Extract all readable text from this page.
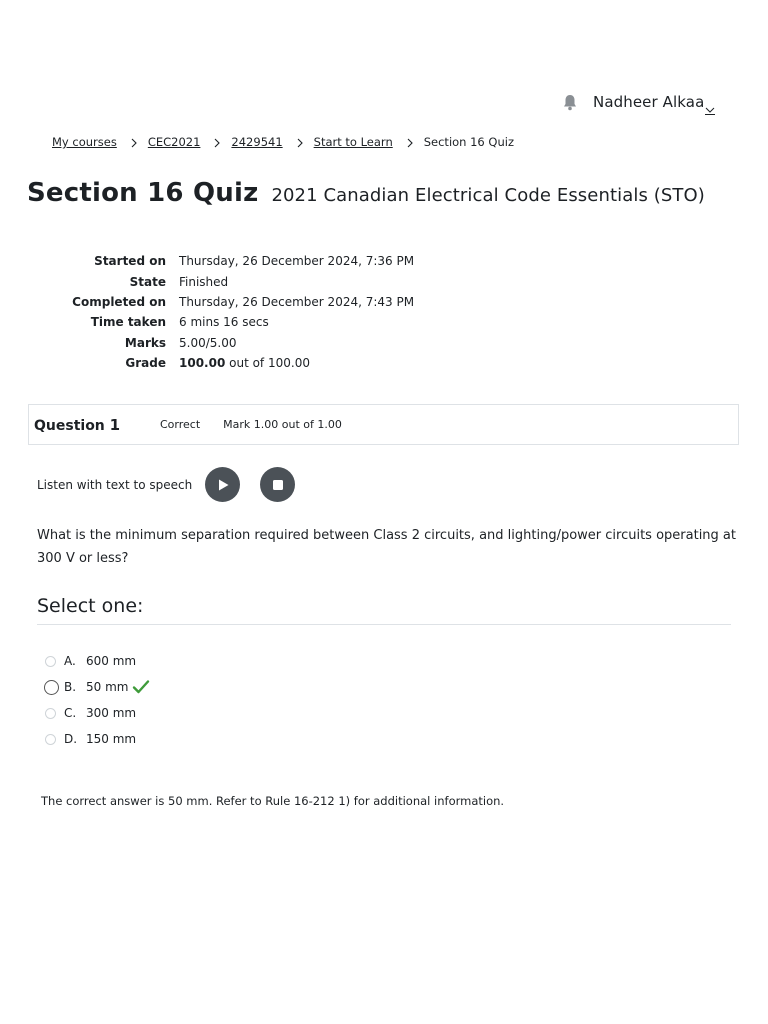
Nadheer Alkaa
My courses	CEC2021	2429541	Start to Learn	Section 16 Quiz
Section 16 Quiz 2021 Canadian Electrical Code Essentials (STO)
Started on	Thursday, 26 December 2024, 7:36 PM
State	Finished
Completed on	Thursday, 26 December 2024, 7:43 PM
Time taken	6 mins 16 secs
Marks	5.00/5.00
Grade	100.00 out of 100.00
Question 1	Correct Mark 1.00 out of 1.00
Listen with text to speech
What is the minimum separation required between Class 2 circuits, and lighting/power circuits operating at 300 V or less?
Select one:
A. 600 mm
B. 50 mm
C. 300 mm
D. 150 mm
The correct answer is 50 mm. Refer to Rule 16-212 1) for additional information.
